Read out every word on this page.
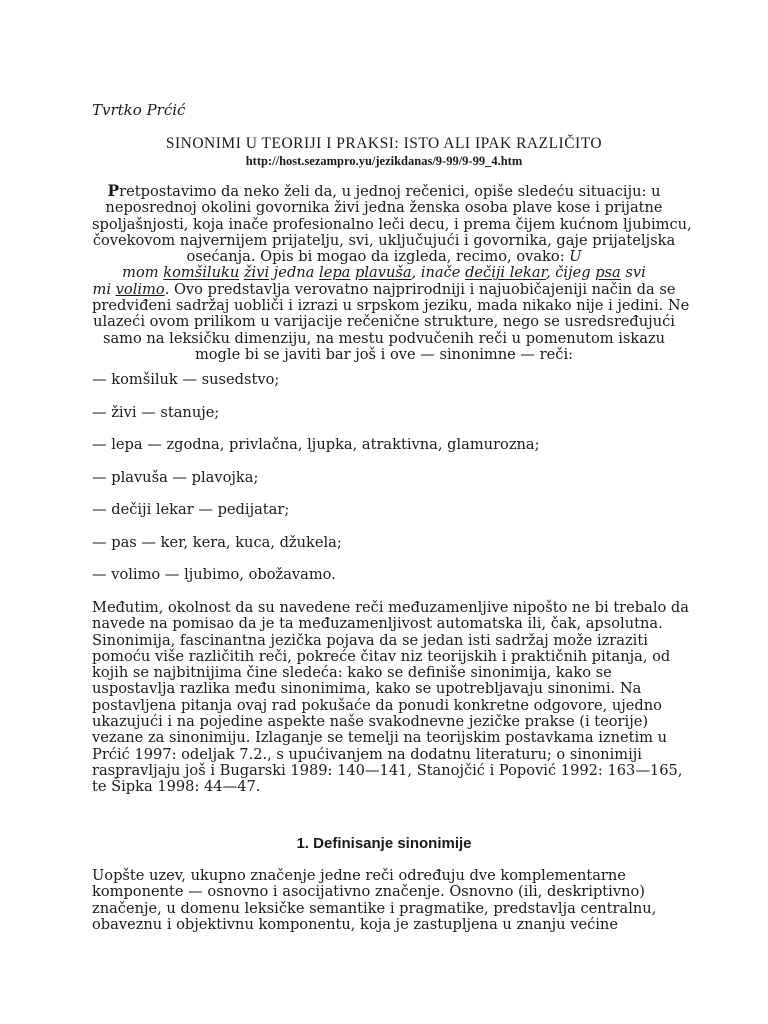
Tvrtko Prćić
SINONIMI U TEORIJI I PRAKSI: ISTO ALI IPAK RAZLIČITO
http://host.sezampro.yu/jezikdanas/9-99/9-99_4.htm
Pretpostavimo da neko želi da, u jednoj rečenici, opiše sledeću situaciju: u
neposrednoj okolini govornika živi jedna ženska osoba plave kose i prijatne
spoljašnjosti, koja inače profesionalno leči decu, i prema čijem kućnom ljubimcu,
čovekovom najvernijem prijatelju, svi, uključujući i govornika, gaje prijateljska
osećanja. Opis bi mogao da izgleda, recimo, ovako: U
mom komšiluku živi jedna lepa plavuša, inače dečiji lekar, čijeg psa svi
mi volimo. Ovo predstavlja verovatno najprirodniji i najuobičajeniji način da se
predviđeni sadržaj uobliči i izrazi u srpskom jeziku, mada nikako nije i jedini. Ne
ulazeći ovom prilikom u varijacije rečenične strukture, nego se usredsređujući
samo na leksičku dimenziju, na mestu podvučenih reči u pomenutom iskazu
mogle bi se javiti bar još i ove — sinonimne — reči:
— komšiluk — susedstvo;
— živi — stanuje;
— lepa — zgodna, privlačna, ljupka, atraktivna, glamurozna;
— plavuša — plavojka;
— dečiji lekar — pedijatar;
— pas — ker, kera, kuca, džukela;
— volimo — ljubimo, obožavamo.
Međutim, okolnost da su navedene reči međuzamenljive nipošto ne bi trebalo da
navede na pomisao da je ta međuzamenljivost automatska ili, čak, apsolutna.
Sinonimija, fascinantna jezička pojava da se jedan isti sadržaj može izraziti
pomoću više različitih reči, pokreće čitav niz teorijskih i praktičnih pitanja, od
kojih se najbitnijima čine sledeća: kako se definiše sinonimija, kako se
uspostavlja razlika među sinonimima, kako se upotrebljavaju sinonimi. Na
postavljena pitanja ovaj rad pokušaće da ponudi konkretne odgovore, ujedno
ukazujući i na pojedine aspekte naše svakodnevne jezičke prakse (i teorije)
vezane za sinonimiju. Izlaganje se temelji na teorijskim postavkama iznetim u
Prćić 1997: odeljak 7.2., s upućivanjem na dodatnu literaturu; o sinonimiji
raspravljaju još i Bugarski 1989: 140—141, Stanojčić i Popović 1992: 163—165,
te Šipka 1998: 44—47.
1. Definisanje sinonimije
Uopšte uzev, ukupno značenje jedne reči određuju dve komplementarne
komponente — osnovno i asocijativno značenje. Osnovno (ili, deskriptivno)
značenje, u domenu leksičke semantike i pragmatike, predstavlja centralnu,
obaveznu i objektivnu komponentu, koja je zastupljena u znanju većine
